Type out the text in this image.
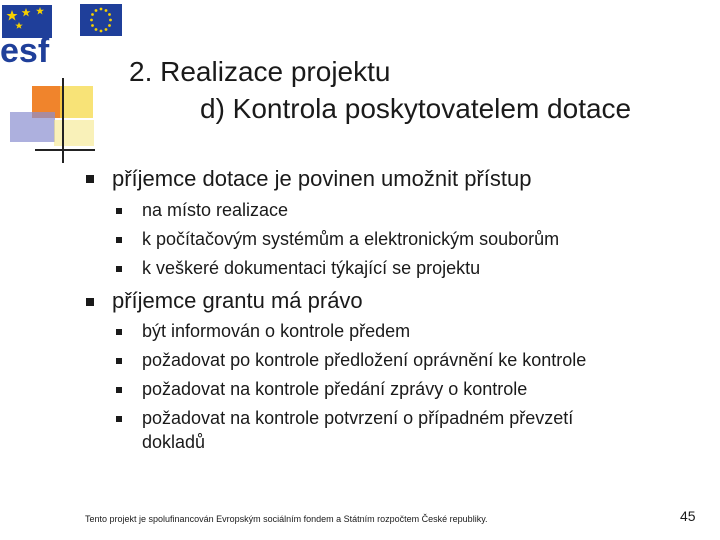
esf
2. Realizace projektu
d) Kontrola poskytovatelem dotace
příjemce dotace je povinen umožnit přístup
na místo realizace
k počítačovým systémům a elektronickým souborům
k veškeré dokumentaci týkající se projektu
příjemce grantu má právo
být informován o kontrole předem
požadovat po kontrole předložení oprávnění ke kontrole
požadovat na kontrole předání zprávy o kontrole
požadovat na kontrole potvrzení o případném převzetí
dokladů
Tento projekt je spolufinancován Evropským sociálním fondem a Státním rozpočtem České republiky.	45
